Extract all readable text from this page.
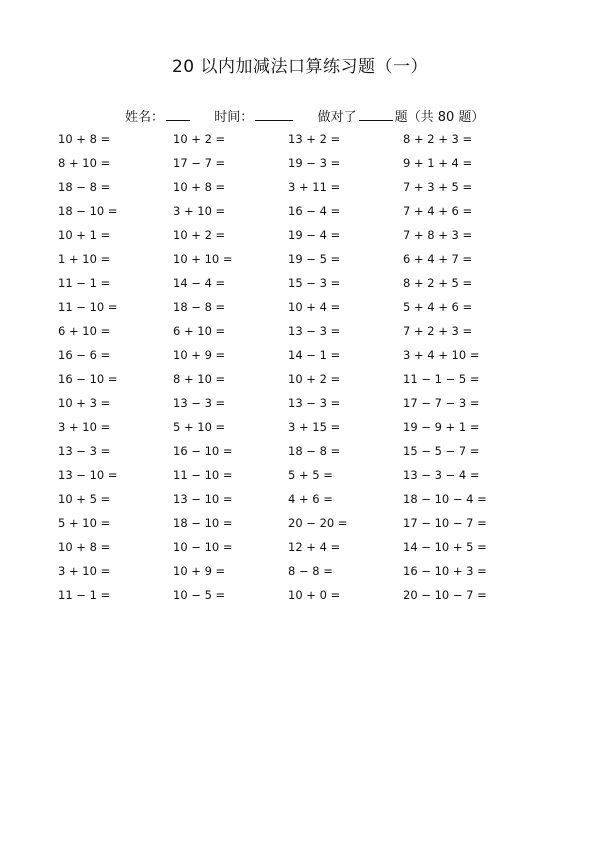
20 以内加减法口算练习题（一）
姓名：	时间：	做对了	题（共 80 题）
10 + 8 =	10 + 2 =	13 + 2 =	8 + 2 + 3 =
8 + 10 =	17 − 7 =	19 − 3 =	9 + 1 + 4 =
18 − 8 =	10 + 8 =	3 + 11 =	7 + 3 + 5 =
18 − 10 =	3 + 10 =	16 − 4 =	7 + 4 + 6 =
10 + 1 =	10 + 2 =	19 − 4 =	7 + 8 + 3 =
1 + 10 =	10 + 10 =	19 − 5 =	6 + 4 + 7 =
11 − 1 =	14 − 4 =	15 − 3 =	8 + 2 + 5 =
11 − 10 =	18 − 8 =	10 + 4 =	5 + 4 + 6 =
6 + 10 =	6 + 10 =	13 − 3 =	7 + 2 + 3 =
16 − 6 =	10 + 9 =	14 − 1 =	3 + 4 + 10 =
16 − 10 =	8 + 10 =	10 + 2 =	11 − 1 − 5 =
10 + 3 =	13 − 3 =	13 − 3 =	17 − 7 − 3 =
3 + 10 =	5 + 10 =	3 + 15 =	19 − 9 + 1 =
13 − 3 =	16 − 10 =	18 − 8 =	15 − 5 − 7 =
13 − 10 =	11 − 10 =	5 + 5 =	13 − 3 − 4 =
10 + 5 =	13 − 10 =	4 + 6 =	18 − 10 − 4 =
5 + 10 =	18 − 10 =	20 − 20 =	17 − 10 − 7 =
10 + 8 =	10 − 10 =	12 + 4 =	14 − 10 + 5 =
3 + 10 =	10 + 9 =	8 − 8 =	16 − 10 + 3 =
11 − 1 =	10 − 5 =	10 + 0 =	20 − 10 − 7 =
